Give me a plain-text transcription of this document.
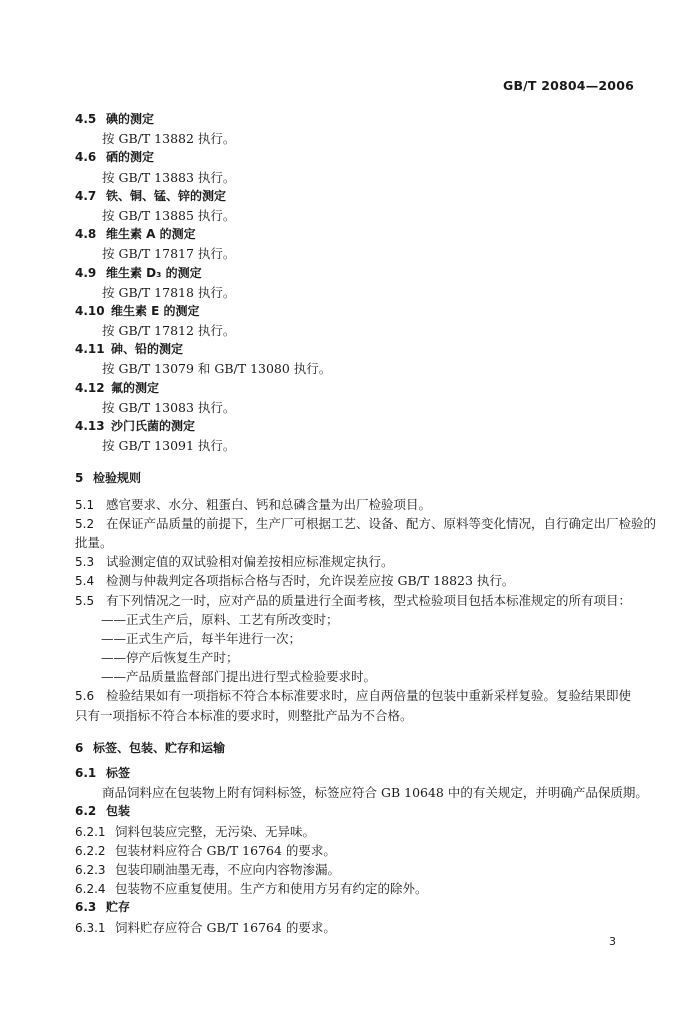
GB/T 20804—2006
4.5 碘的测定
按 GB/T 13882 执行。
4.6 硒的测定
按 GB/T 13883 执行。
4.7 铁、铜、锰、锌的测定
按 GB/T 13885 执行。
4.8 维生素 A 的测定
按 GB/T 17817 执行。
4.9 维生素 D₃ 的测定
按 GB/T 17818 执行。
4.10 维生素 E 的测定
按 GB/T 17812 执行。
4.11 砷、铅的测定
按 GB/T 13079 和 GB/T 13080 执行。
4.12 氟的测定
按 GB/T 13083 执行。
4.13 沙门氏菌的测定
按 GB/T 13091 执行。
5 检验规则
5.1 感官要求、水分、粗蛋白、钙和总磷含量为出厂检验项目。
5.2 在保证产品质量的前提下，生产厂可根据工艺、设备、配方、原料等变化情况，自行确定出厂检验的
批量。
5.3 试验测定值的双试验相对偏差按相应标准规定执行。
5.4 检测与仲裁判定各项指标合格与否时，允许误差应按 GB/T 18823 执行。
5.5 有下列情况之一时，应对产品的质量进行全面考核，型式检验项目包括本标准规定的所有项目：
——正式生产后，原料、工艺有所改变时；
——正式生产后，每半年进行一次；
——停产后恢复生产时；
——产品质量监督部门提出进行型式检验要求时。
5.6 检验结果如有一项指标不符合本标准要求时，应自两倍量的包装中重新采样复验。复验结果即使
只有一项指标不符合本标准的要求时，则整批产品为不合格。
6 标签、包装、贮存和运输
6.1 标签
商品饲料应在包装物上附有饲料标签，标签应符合 GB 10648 中的有关规定，并明确产品保质期。
6.2 包装
6.2.1 饲料包装应完整，无污染、无异味。
6.2.2 包装材料应符合 GB/T 16764 的要求。
6.2.3 包装印刷油墨无毒，不应向内容物渗漏。
6.2.4 包装物不应重复使用。生产方和使用方另有约定的除外。
6.3 贮存
6.3.1 饲料贮存应符合 GB/T 16764 的要求。
3
